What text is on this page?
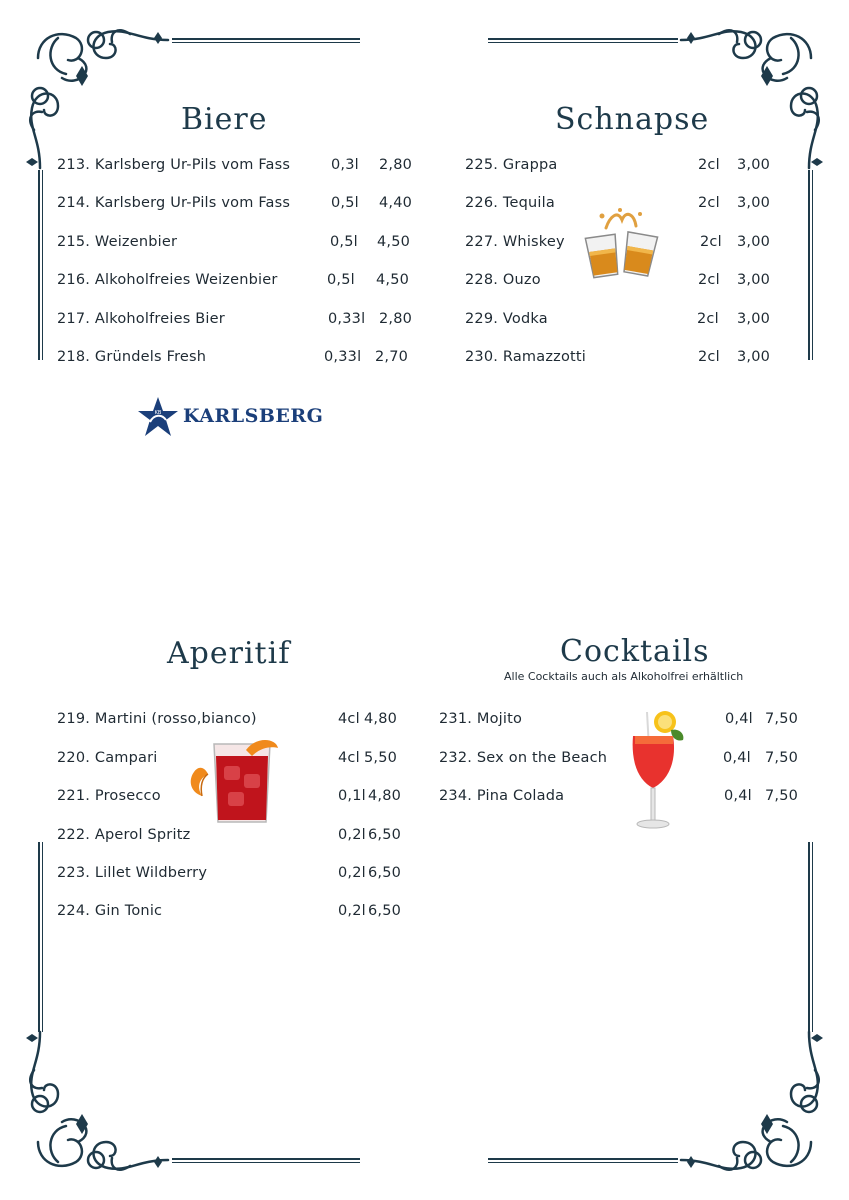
Biere
213. Karlsberg Ur-Pils vom Fass	0,3l 2,80
214. Karlsberg Ur-Pils vom Fass	0,5l 4,40
215. Weizenbier	0,5l 4,50
216. Alkoholfreies Weizenbier	0,5l 4,50
217. Alkoholfreies Bier	0,33l 2,80
218. Gründels Fresh	0,33l 2,70
KB KARLSBERG
Schnapse
225. Grappa	2cl 3,00
226. Tequila	2cl 3,00
227. Whiskey	2cl 3,00
228. Ouzo	2cl 3,00
229. Vodka	2cl 3,00
230. Ramazzotti	2cl 3,00
Aperitif
219. Martini (rosso,bianco)	4cl 4,80
220. Campari	4cl 5,50
221. Prosecco	0,1l 4,80
222. Aperol Spritz	0,2l 6,50
223. Lillet Wildberry	0,2l 6,50
224. Gin Tonic	0,2l 6,50
Cocktails
Alle Cocktails auch als Alkoholfrei erhältlich
231. Mojito	0,4l 7,50
232. Sex on the Beach	0,4l 7,50
234. Pina Colada	0,4l 7,50
